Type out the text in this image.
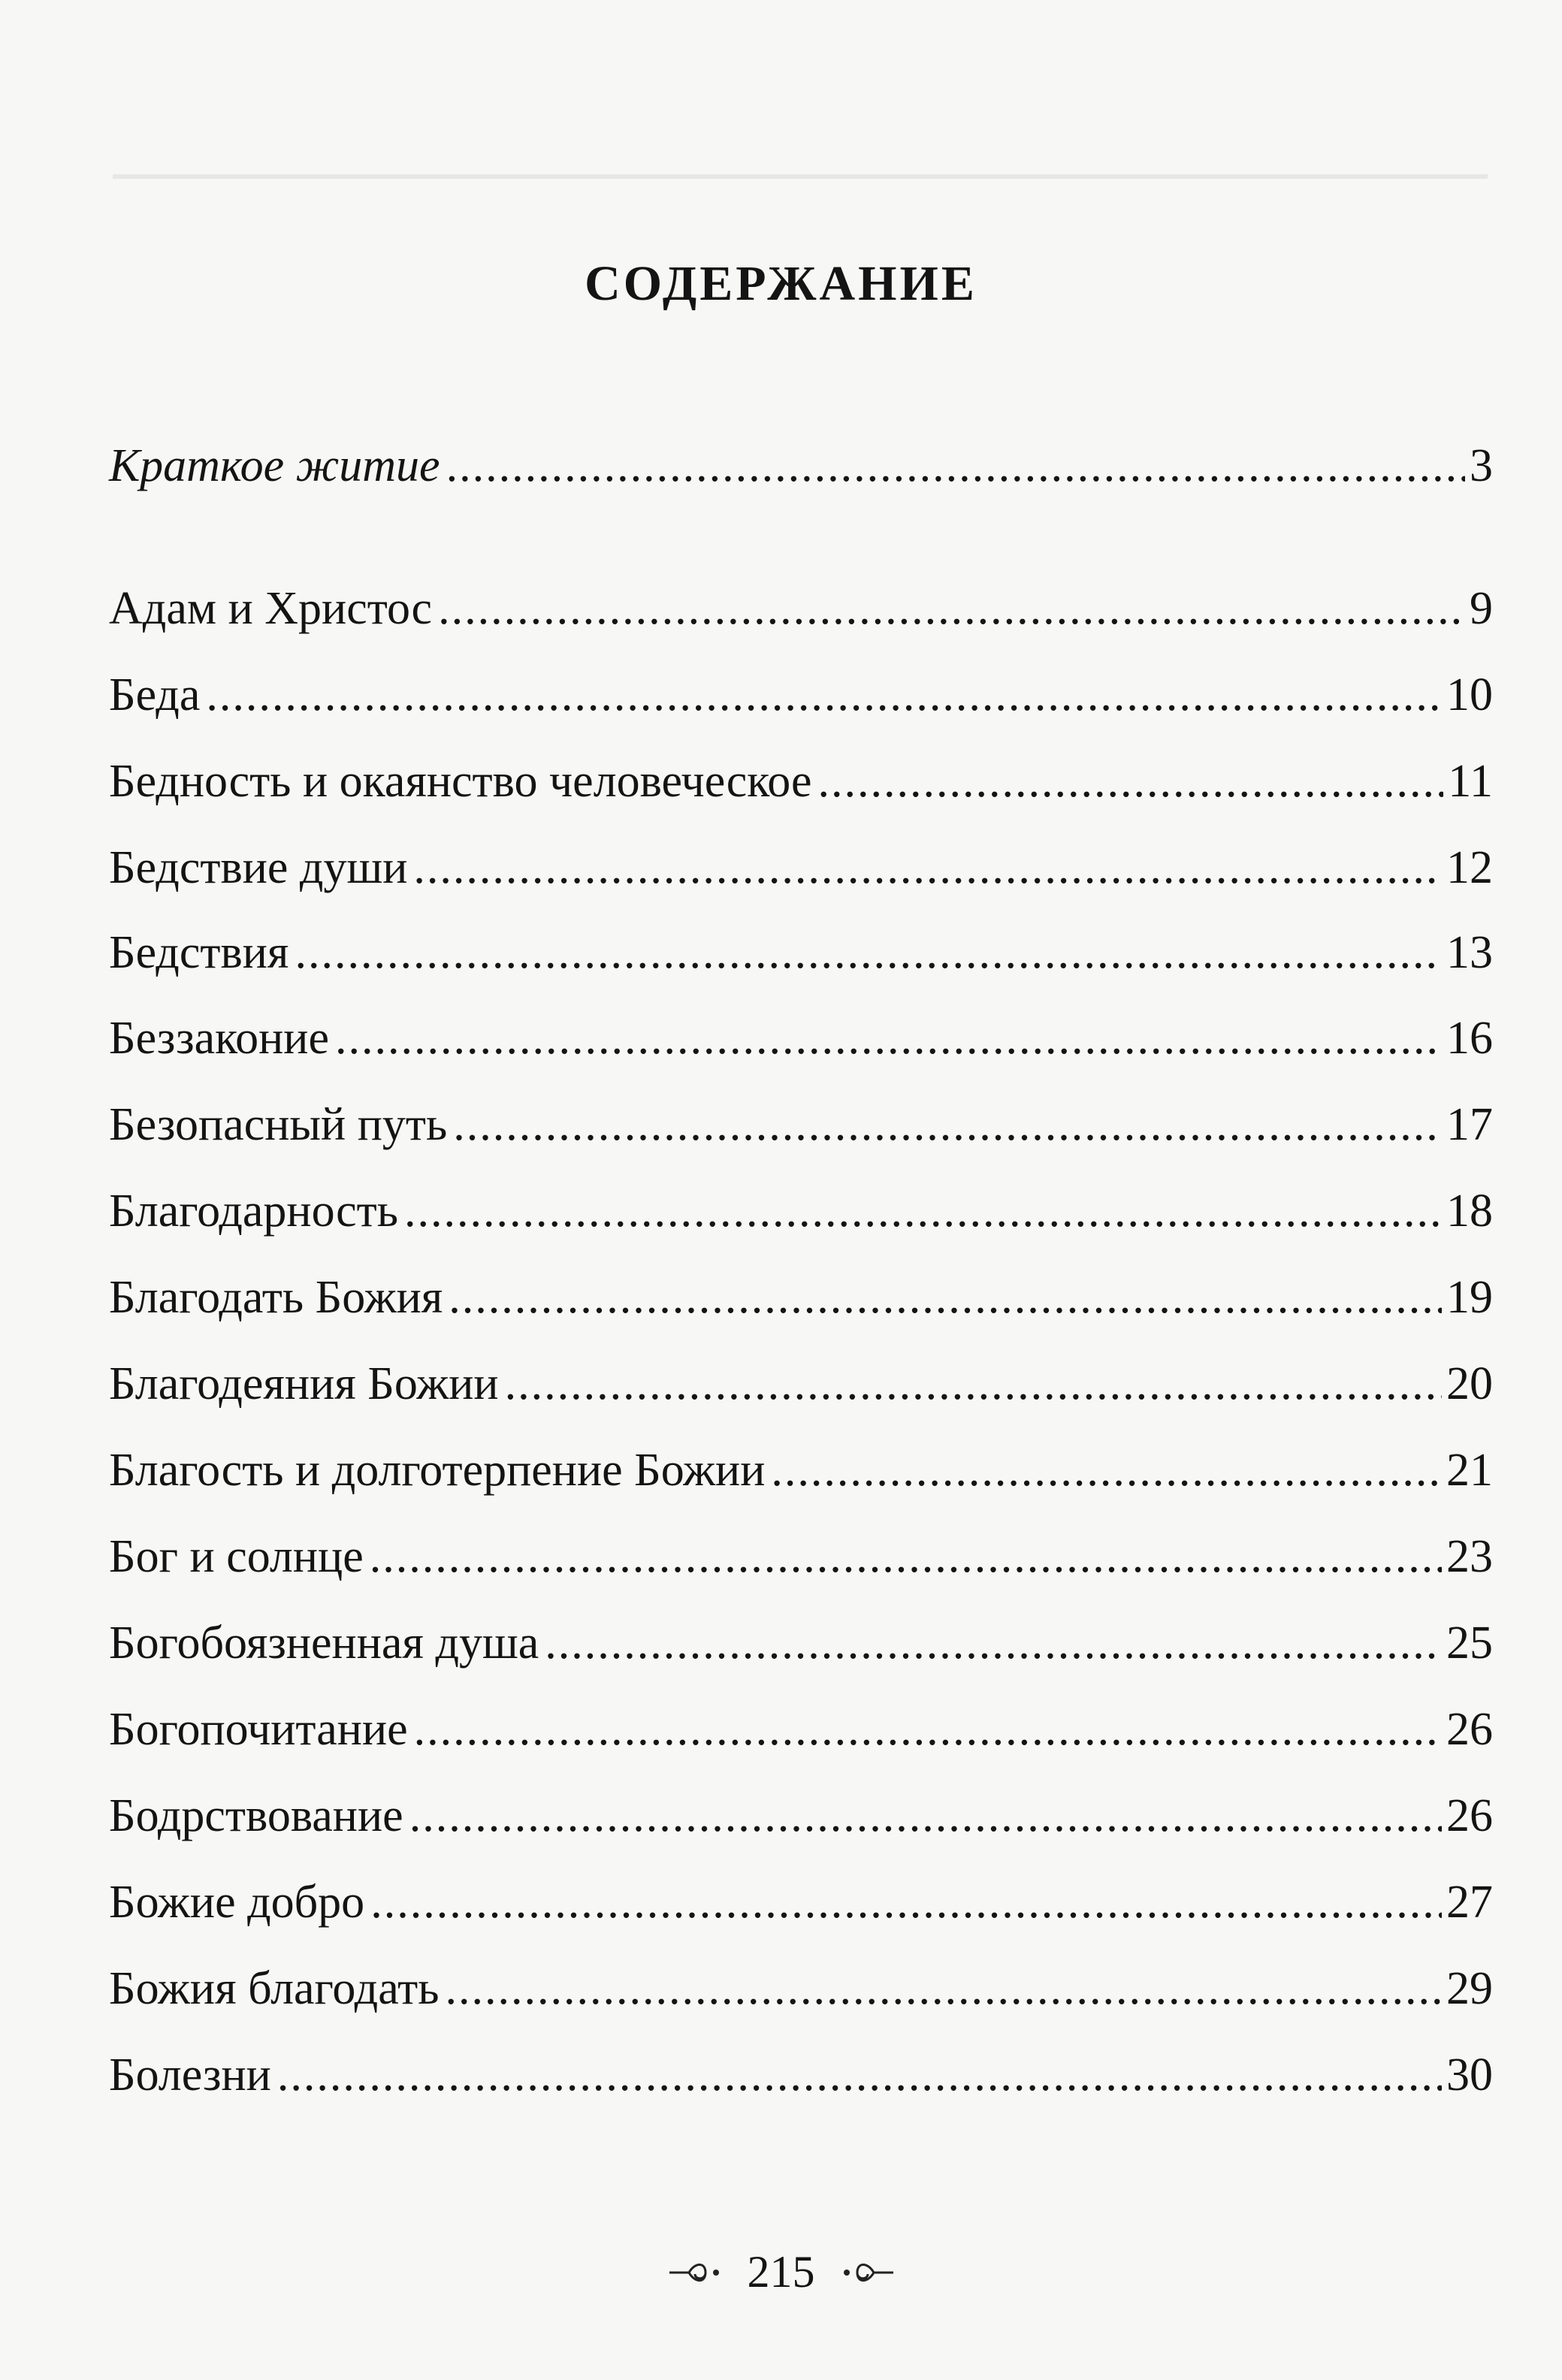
СОДЕРЖАНИЕ
Краткое житие .....	3
Адам и Христос .....	9
Беда .....	10
Бедность и окаянство человеческое .....	11
Бедствие души .....	12
Бедствия .....	13
Беззаконие .....	16
Безопасный путь .....	17
Благодарность .....	18
Благодать Божия .....	19
Благодеяния Божии .....	20
Благость и долготерпение Божии .....	21
Бог и солнце .....	23
Богобоязненная душа .....	25
Богопочитание .....	26
Бодрствование .....	26
Божие добро .....	27
Божия благодать .....	29
Болезни .....	30
215
